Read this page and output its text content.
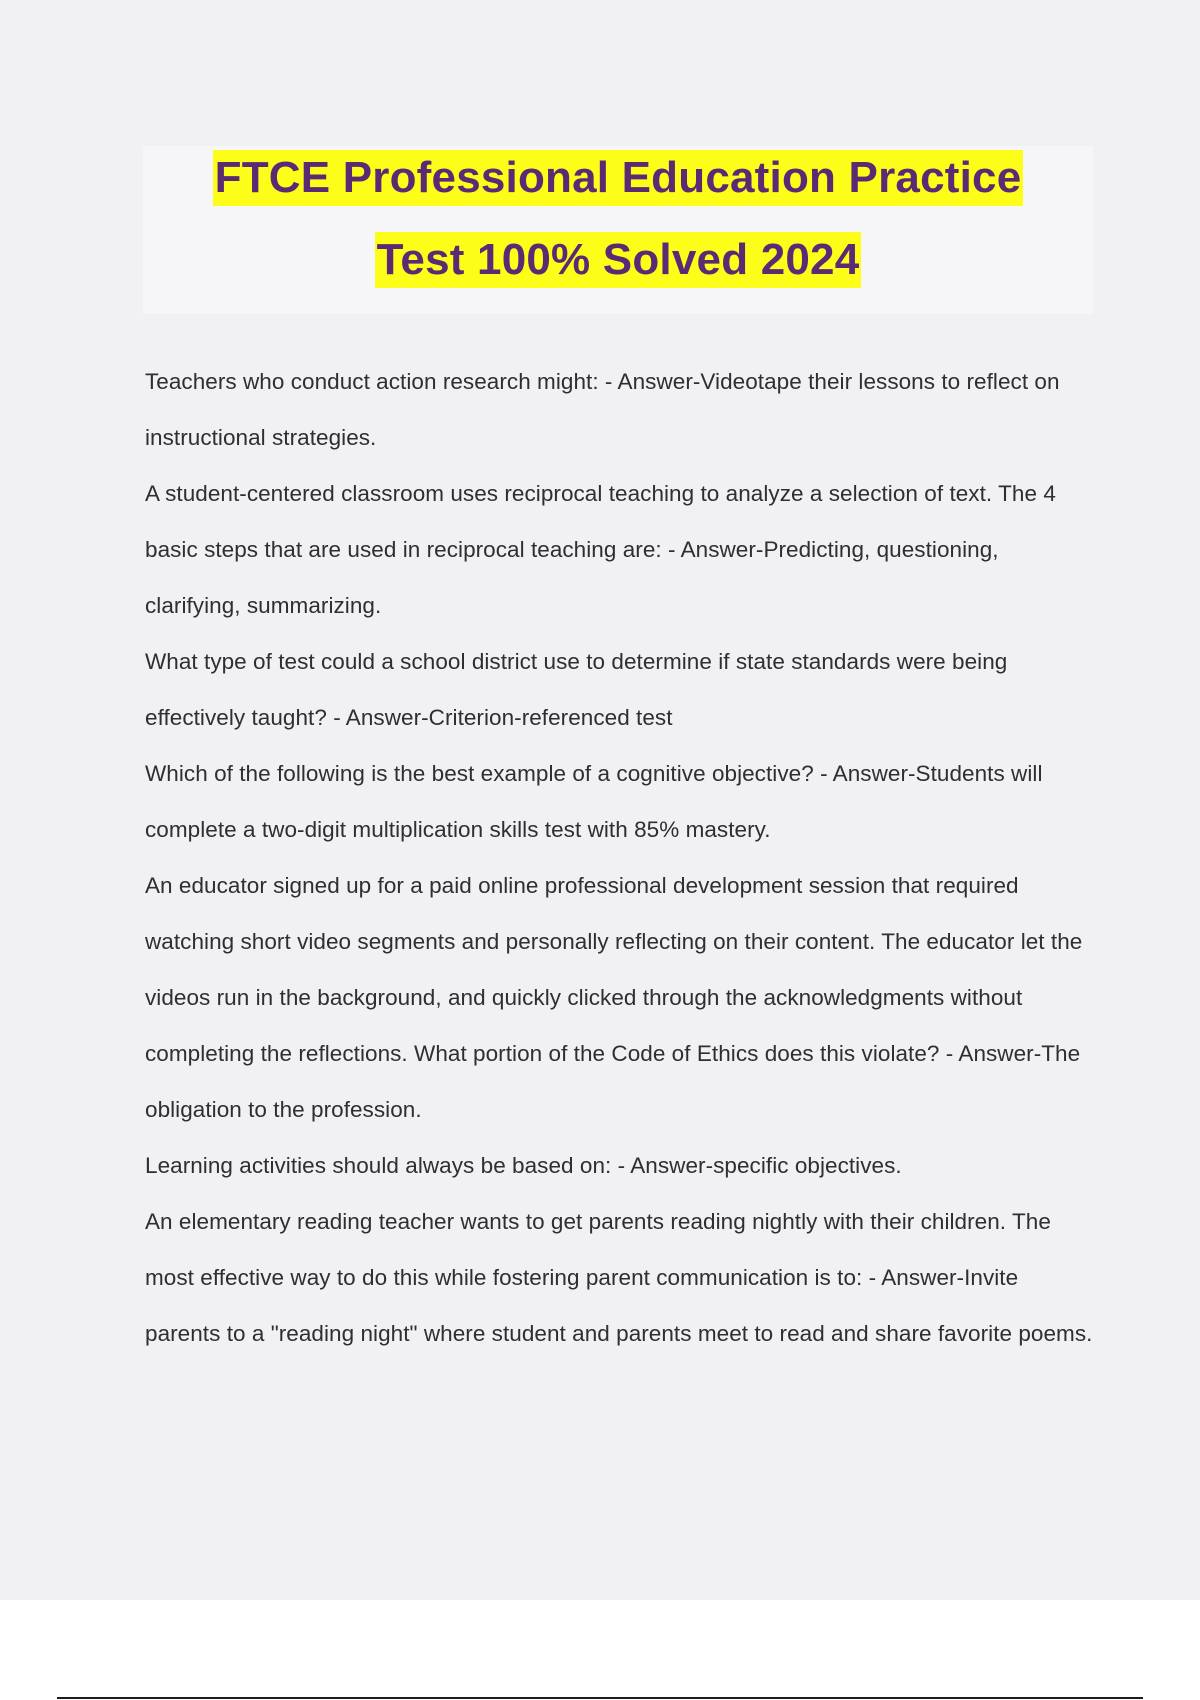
FTCE Professional Education Practice
Test 100% Solved 2024

Teachers who conduct action research might: - Answer-Videotape their lessons to reflect on instructional strategies.

A student-centered classroom uses reciprocal teaching to analyze a selection of text. The 4 basic steps that are used in reciprocal teaching are: - Answer-Predicting, questioning, clarifying, summarizing.

What type of test could a school district use to determine if state standards were being effectively taught? - Answer-Criterion-referenced test

Which of the following is the best example of a cognitive objective? - Answer-Students will complete a two-digit multiplication skills test with 85% mastery.

An educator signed up for a paid online professional development session that required watching short video segments and personally reflecting on their content. The educator let the videos run in the background, and quickly clicked through the acknowledgments without completing the reflections. What portion of the Code of Ethics does this violate? - Answer-The obligation to the profession.

Learning activities should always be based on: - Answer-specific objectives.

An elementary reading teacher wants to get parents reading nightly with their children. The most effective way to do this while fostering parent communication is to: - Answer-Invite parents to a "reading night" where student and parents meet to read and share favorite poems.
